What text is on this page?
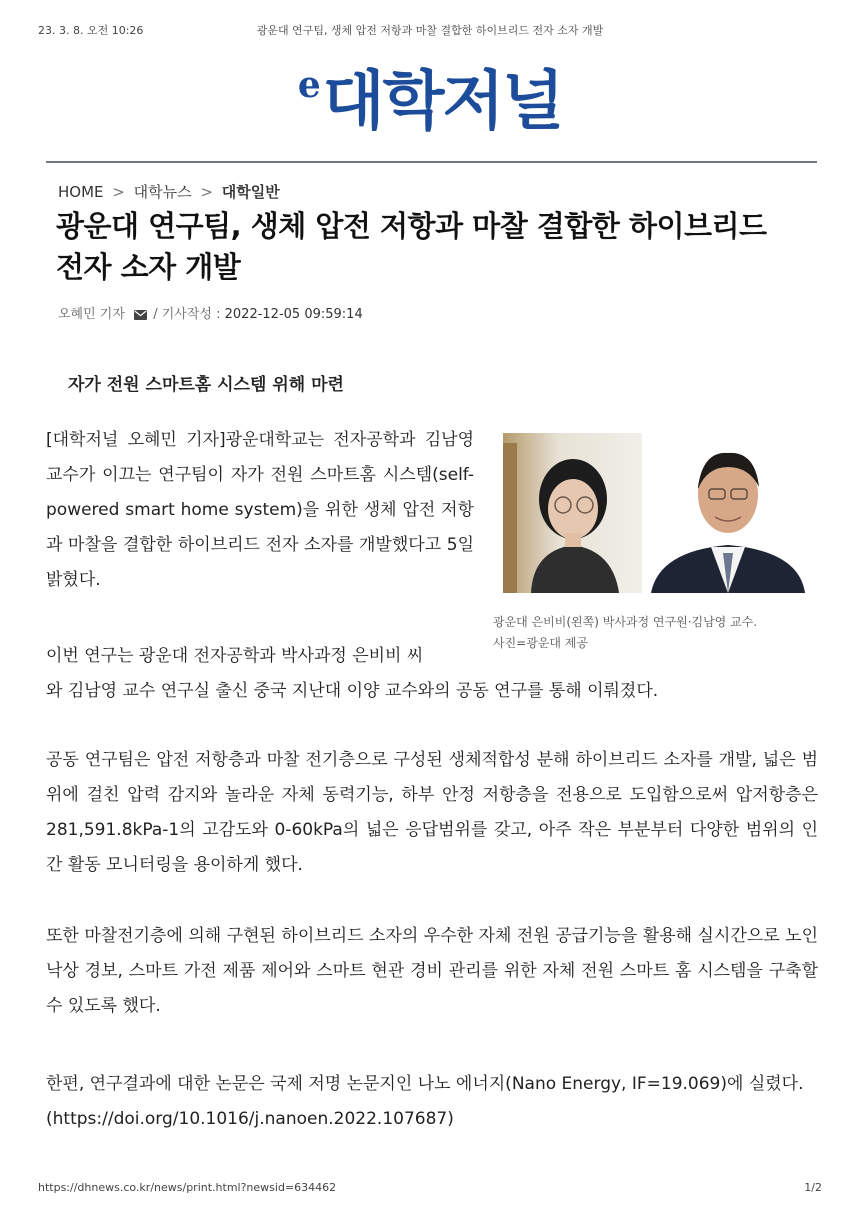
23. 3. 8. 오전 10:26	광운대 연구팀, 생체 압전 저항과 마찰 결합한 하이브리드 전자 소자 개발
e대학저널
HOME > 대학뉴스 > 대학일반
광운대 연구팀, 생체 압전 저항과 마찰 결합한 하이브리드 전자 소자 개발
오혜민 기자 / 기사작성 : 2022-12-05 09:59:14
자가 전원 스마트홈 시스템 위해 마련

[대학저널 오혜민 기자]광운대학교는 전자공학과 김남영 교수가 이끄는 연구팀이 자가 전원 스마트홈 시스템(self-powered smart home system)을 위한 생체 압전 저항과 마찰을 결합한 하이브리드 전자 소자를 개발했다고 5일 밝혔다.

광운대 은비비(왼쪽) 박사과정 연구원·김남영 교수.
사진=광운대 제공

이번 연구는 광운대 전자공학과 박사과정 은비비 씨

와 김남영 교수 연구실 출신 중국 지난대 이양 교수와의 공동 연구를 통해 이뤄졌다.

공동 연구팀은 압전 저항층과 마찰 전기층으로 구성된 생체적합성 분해 하이브리드 소자를 개발, 넓은 범위에 걸친 압력 감지와 놀라운 자체 동력기능, 하부 안정 저항층을 전용으로 도입함으로써 압저항층은 281,591.8kPa-1의 고감도와 0-60kPa의 넓은 응답범위를 갖고, 아주 작은 부분부터 다양한 범위의 인간 활동 모니터링을 용이하게 했다.

또한 마찰전기층에 의해 구현된 하이브리드 소자의 우수한 자체 전원 공급기능을 활용해 실시간으로 노인 낙상 경보, 스마트 가전 제품 제어와 스마트 현관 경비 관리를 위한 자체 전원 스마트 홈 시스템을 구축할 수 있도록 했다.

한편, 연구결과에 대한 논문은 국제 저명 논문지인 나노 에너지(Nano Energy, IF=19.069)에 실렸다.(https://doi.org/10.1016/j.nanoen.2022.107687)

https://dhnews.co.kr/news/print.html?newsid=634462	1/2
